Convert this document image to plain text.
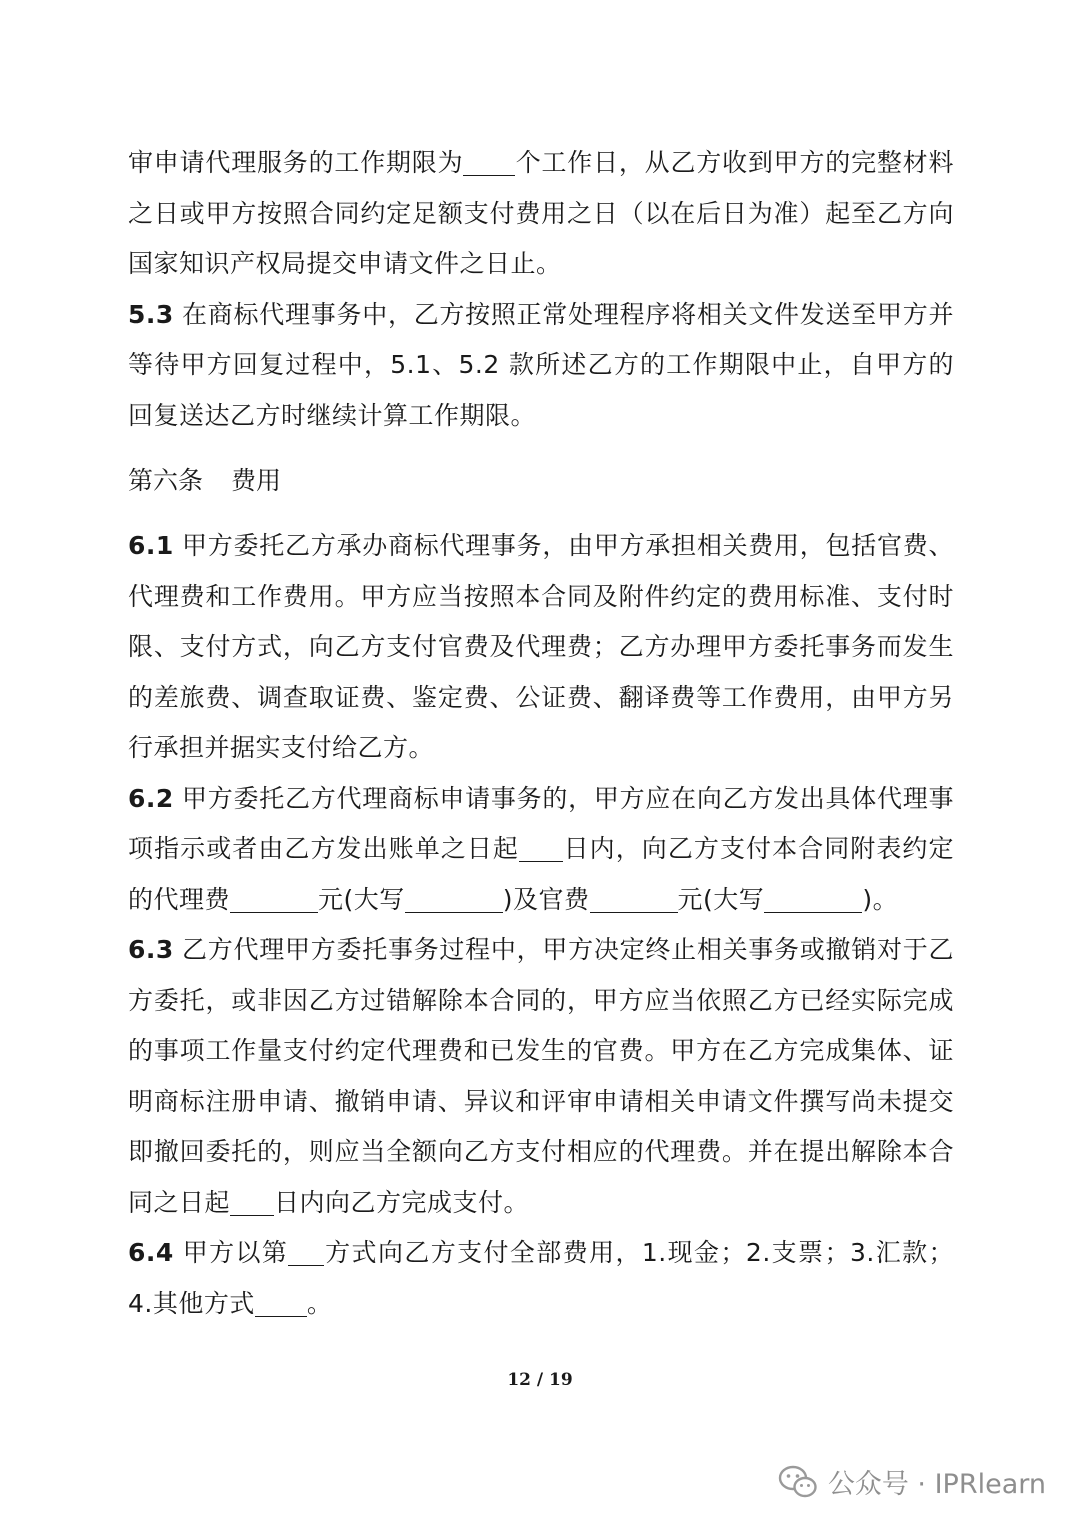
审申请代理服务的工作期限为 个工作日，从乙方收到甲方的完整材料之日或甲方按照合同约定足额支付费用之日（以在后日为准）起至乙方向国家知识产权局提交申请文件之日止。

5.3 在商标代理事务中，乙方按照正常处理程序将相关文件发送至甲方并等待甲方回复过程中，5.1、5.2 款所述乙方的工作期限中止，自甲方的回复送达乙方时继续计算工作期限。

第六条 费用

6.1 甲方委托乙方承办商标代理事务，由甲方承担相关费用，包括官费、代理费和工作费用。甲方应当按照本合同及附件约定的费用标准、支付时限、支付方式，向乙方支付官费及代理费；乙方办理甲方委托事务而发生的差旅费、调查取证费、鉴定费、公证费、翻译费等工作费用，由甲方另行承担并据实支付给乙方。

6.2 甲方委托乙方代理商标申请事务的，甲方应在向乙方发出具体代理事项指示或者由乙方发出账单之日起 日内，向乙方支付本合同附表约定的代理费	元(大写	)及官费	元(大写	)。

6.3 乙方代理甲方委托事务过程中，甲方决定终止相关事务或撤销对于乙方委托，或非因乙方过错解除本合同的，甲方应当依照乙方已经实际完成的事项工作量支付约定代理费和已发生的官费。甲方在乙方完成集体、证明商标注册申请、撤销申请、异议和评审申请相关申请文件撰写尚未提交即撤回委托的，则应当全额向乙方支付相应的代理费。并在提出解除本合同之日起 日内向乙方完成支付。

6.4 甲方以第 方式向乙方支付全部费用，1.现金；2.支票；3.汇款；4.其他方式 。

12 / 19
公众号 · IPRlearn
